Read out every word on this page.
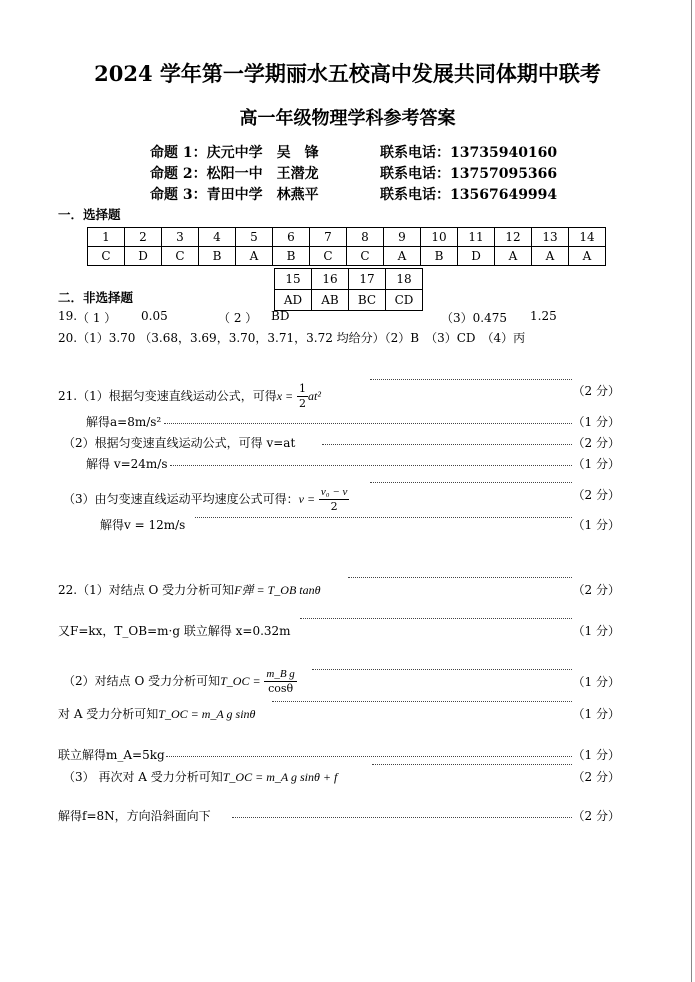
2024 学年第一学期丽水五校高中发展共同体期中联考
高一年级物理学科参考答案
命题 1：庆元中学　 吴　锋	联系电话：13735940160
命题 2：松阳一中　 王潜龙	联系电话：13757095366
命题 3：青田中学　 林燕平	联系电话：13567649994
一．选择题
1	2	3	4	5	6	7	8	9	10	11	12	13	14
C	D	C	B	A	B	C	C	A	B	D	A	A	A
15	16	17	18
AD	AB	BC	CD
二．非选择题
19. （ 1 ） 0.05	（ 2 ） BD	（3）0.475 1.25
20.（1）3.70 （3.68，3.69，3.70，3.71，3.72 均给分）（2）B　（3）CD　（4）丙
21.（1）根据匀变速直线运动公式，可得$x = \frac{1}{2} at^2$	（2 分）
解得a=8m/s²	（1 分）
（2）根据匀变速直线运动公式，可得 v=at	（2 分）
解得 v=24m/s	（1 分）
（3）由匀变速直线运动平均速度公式可得：$v = \frac{\text{v₀ − v}}{2}$	（2 分）
解得v = 12m/s	（1 分）
22.（1）对结点 O 受力分析可知F弹 = T_OB tanθ	（2 分）
又F=kx，T_OB=m·g 联立解得 x=0.32m	（1 分）
（2）对结点 O 受力分析可知T_OC = $\frac{\text{m\_B g}}{\cos\theta}$	（1 分）
对 A 受力分析可知T_OC = m_A g sinθ	（1 分）
联立解得m_A=5kg	（1 分）
（3） 再次对 A 受力分析可知T_OC = m_A g sinθ + f	（2 分）
解得f=8N，方向沿斜面向下	（2 分）
